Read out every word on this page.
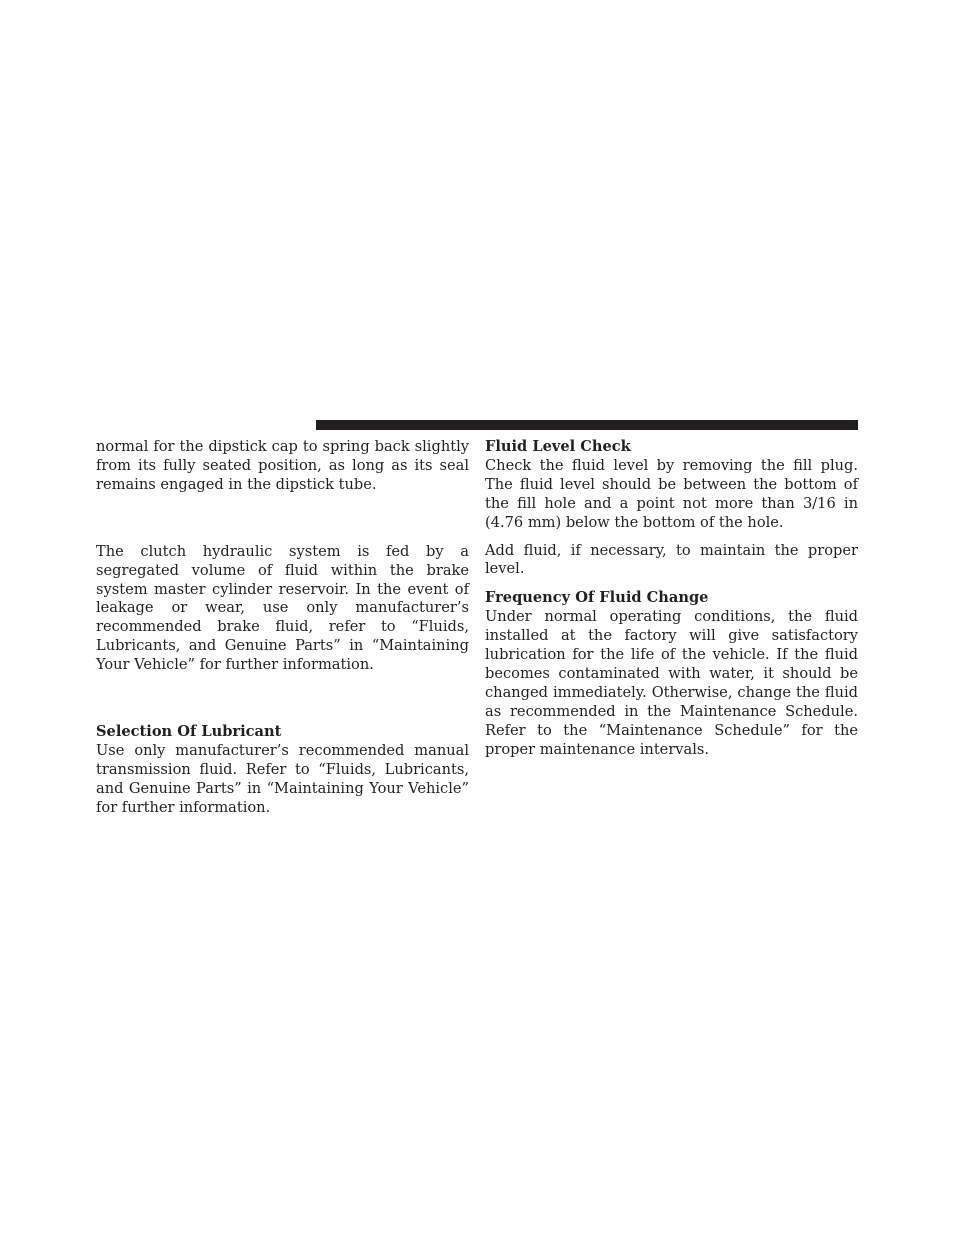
normal for the dipstick cap to spring back slightly from its fully seated position, as long as its seal remains engaged in the dipstick tube.

The clutch hydraulic system is fed by a segregated volume of fluid within the brake system master cylinder reservoir. In the event of leakage or wear, use only manufacturer’s recommended brake fluid, refer to “Fluids, Lubricants, and Genuine Parts” in “Maintaining Your Vehicle” for further information.

Selection Of Lubricant

Use only manufacturer’s recommended manual transmission fluid. Refer to “Fluids, Lubricants, and Genuine Parts” in “Maintaining Your Vehicle” for further information.

Fluid Level Check

Check the fluid level by removing the fill plug. The fluid level should be between the bottom of the fill hole and a point not more than 3/16 in (4.76 mm) below the bottom of the hole.

Add fluid, if necessary, to maintain the proper level.

Frequency Of Fluid Change

Under normal operating conditions, the fluid installed at the factory will give satisfactory lubrication for the life of the vehicle. If the fluid becomes contaminated with water, it should be changed immediately. Otherwise, change the fluid as recommended in the Maintenance Schedule. Refer to the “Maintenance Schedule” for the proper maintenance intervals.
